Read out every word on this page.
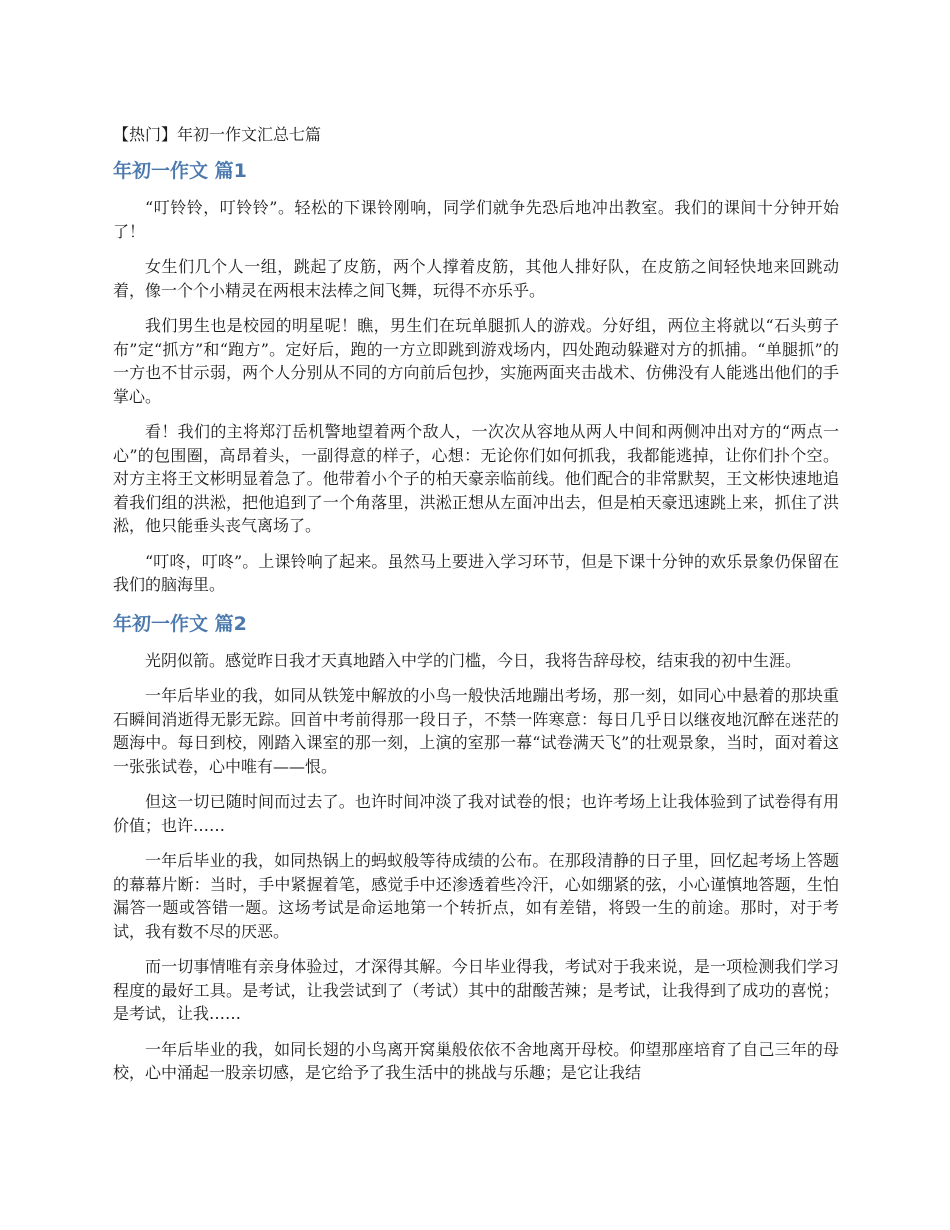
【热门】年初一作文汇总七篇
年初一作文 篇1

“叮铃铃，叮铃铃”。轻松的下课铃刚响，同学们就争先恐后地冲出教室。我们的课间十分钟开始了！

女生们几个人一组，跳起了皮筋，两个人撑着皮筋，其他人排好队，在皮筋之间轻快地来回跳动着，像一个个小精灵在两根末法棒之间飞舞，玩得不亦乐乎。

我们男生也是校园的明星呢！瞧，男生们在玩单腿抓人的游戏。分好组，两位主将就以“石头剪子布”定“抓方”和“跑方”。定好后，跑的一方立即跳到游戏场内，四处跑动躲避对方的抓捕。“单腿抓”的一方也不甘示弱，两个人分别从不同的方向前后包抄，实施两面夹击战术、仿佛没有人能逃出他们的手掌心。

看！我们的主将郑汀岳机警地望着两个敌人，一次次从容地从两人中间和两侧冲出对方的“两点一心”的包围圈，高昂着头，一副得意的样子，心想：无论你们如何抓我，我都能逃掉，让你们扑个空。对方主将王文彬明显着急了。他带着小个子的柏天豪亲临前线。他们配合的非常默契，王文彬快速地追着我们组的洪淞，把他追到了一个角落里，洪淞正想从左面冲出去，但是柏天豪迅速跳上来，抓住了洪淞，他只能垂头丧气离场了。

“叮咚，叮咚”。上课铃响了起来。虽然马上要进入学习环节，但是下课十分钟的欢乐景象仍保留在我们的脑海里。

年初一作文 篇2

光阴似箭。感觉昨日我才天真地踏入中学的门槛，今日，我将告辞母校，结束我的初中生涯。

一年后毕业的我，如同从铁笼中解放的小鸟一般快活地蹦出考场，那一刻，如同心中悬着的那块重石瞬间消逝得无影无踪。回首中考前得那一段日子，不禁一阵寒意：每日几乎日以继夜地沉醉在迷茫的题海中。每日到校，刚踏入课室的那一刻，上演的室那一幕“试卷满天飞”的壮观景象，当时，面对着这一张张试卷，心中唯有——恨。

但这一切已随时间而过去了。也许时间冲淡了我对试卷的恨；也许考场上让我体验到了试卷得有用价值；也许……

一年后毕业的我，如同热锅上的蚂蚁般等待成绩的公布。在那段清静的日子里，回忆起考场上答题的幕幕片断：当时，手中紧握着笔，感觉手中还渗透着些冷汗，心如绷紧的弦，小心谨慎地答题，生怕漏答一题或答错一题。这场考试是命运地第一个转折点，如有差错，将毁一生的前途。那时，对于考试，我有数不尽的厌恶。

而一切事情唯有亲身体验过，才深得其解。今日毕业得我，考试对于我来说，是一项检测我们学习程度的最好工具。是考试，让我尝试到了（考试）其中的甜酸苦辣；是考试，让我得到了成功的喜悦；是考试，让我……

一年后毕业的我，如同长翅的小鸟离开窝巢般依依不舍地离开母校。仰望那座培育了自己三年的母校，心中涌起一股亲切感，是它给予了我生活中的挑战与乐趣；是它让我结
